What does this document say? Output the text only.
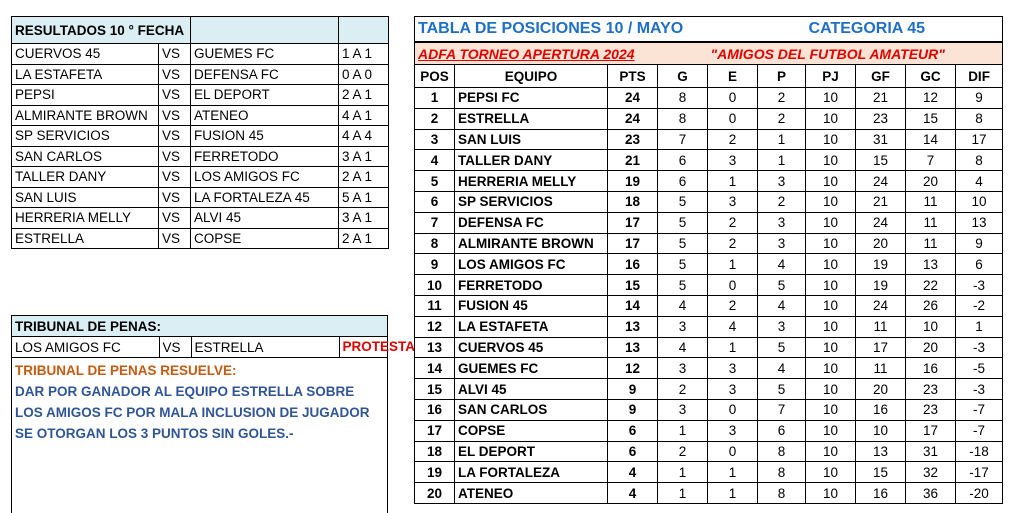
RESULTADOS 10 ° FECHA			
CUERVOS 45	VS	GUEMES FC	1 A 1
LA ESTAFETA	VS	DEFENSA FC	0 A 0
PEPSI	VS	EL DEPORT	2 A 1
ALMIRANTE BROWN	VS	ATENEO	4 A 1
SP SERVICIOS	VS	FUSION 45	4 A 4
SAN CARLOS	VS	FERRETODO	3 A 1
TALLER DANY	VS	LOS AMIGOS FC	2 A 1
SAN LUIS	VS	LA FORTALEZA 45	5 A 1
HERRERIA MELLY	VS	ALVI 45	3 A 1
ESTRELLA	VS	COPSE	2 A 1
TRIBUNAL DE PENAS:
LOS AMIGOS FC	VS	ESTRELLA	PROTESTA
TRIBUNAL DE PENAS RESUELVE:
DAR POR GANADOR AL EQUIPO ESTRELLA SOBRE
LOS AMIGOS FC POR MALA INCLUSION DE JUGADOR
SE OTORGAN LOS 3 PUNTOS SIN GOLES.-
TABLA DE POSICIONES 10 / MAYO						CATEGORIA 45			
ADFA TORNEO APERTURA 2024				"AMIGOS DEL FUTBOL AMATEUR"					
POS	EQUIPO	PTS	G	E	P	PJ	GF	GC	DIF
1	PEPSI FC	24	8	0	2	10	21	12	9
2	ESTRELLA	24	8	0	2	10	23	15	8
3	SAN LUIS	23	7	2	1	10	31	14	17
4	TALLER DANY	21	6	3	1	10	15	7	8
5	HERRERIA MELLY	19	6	1	3	10	24	20	4
6	SP SERVICIOS	18	5	3	2	10	21	11	10
7	DEFENSA FC	17	5	2	3	10	24	11	13
8	ALMIRANTE BROWN	17	5	2	3	10	20	11	9
9	LOS AMIGOS FC	16	5	1	4	10	19	13	6
10	FERRETODO	15	5	0	5	10	19	22	-3
11	FUSION 45	14	4	2	4	10	24	26	-2
12	LA ESTAFETA	13	3	4	3	10	11	10	1
13	CUERVOS 45	13	4	1	5	10	17	20	-3
14	GUEMES FC	12	3	3	4	10	11	16	-5
15	ALVI 45	9	2	3	5	10	20	23	-3
16	SAN CARLOS	9	3	0	7	10	16	23	-7
17	COPSE	6	1	3	6	10	10	17	-7
18	EL DEPORT	6	2	0	8	10	13	31	-18
19	LA FORTALEZA	4	1	1	8	10	15	32	-17
20	ATENEO	4	1	1	8	10	16	36	-20
